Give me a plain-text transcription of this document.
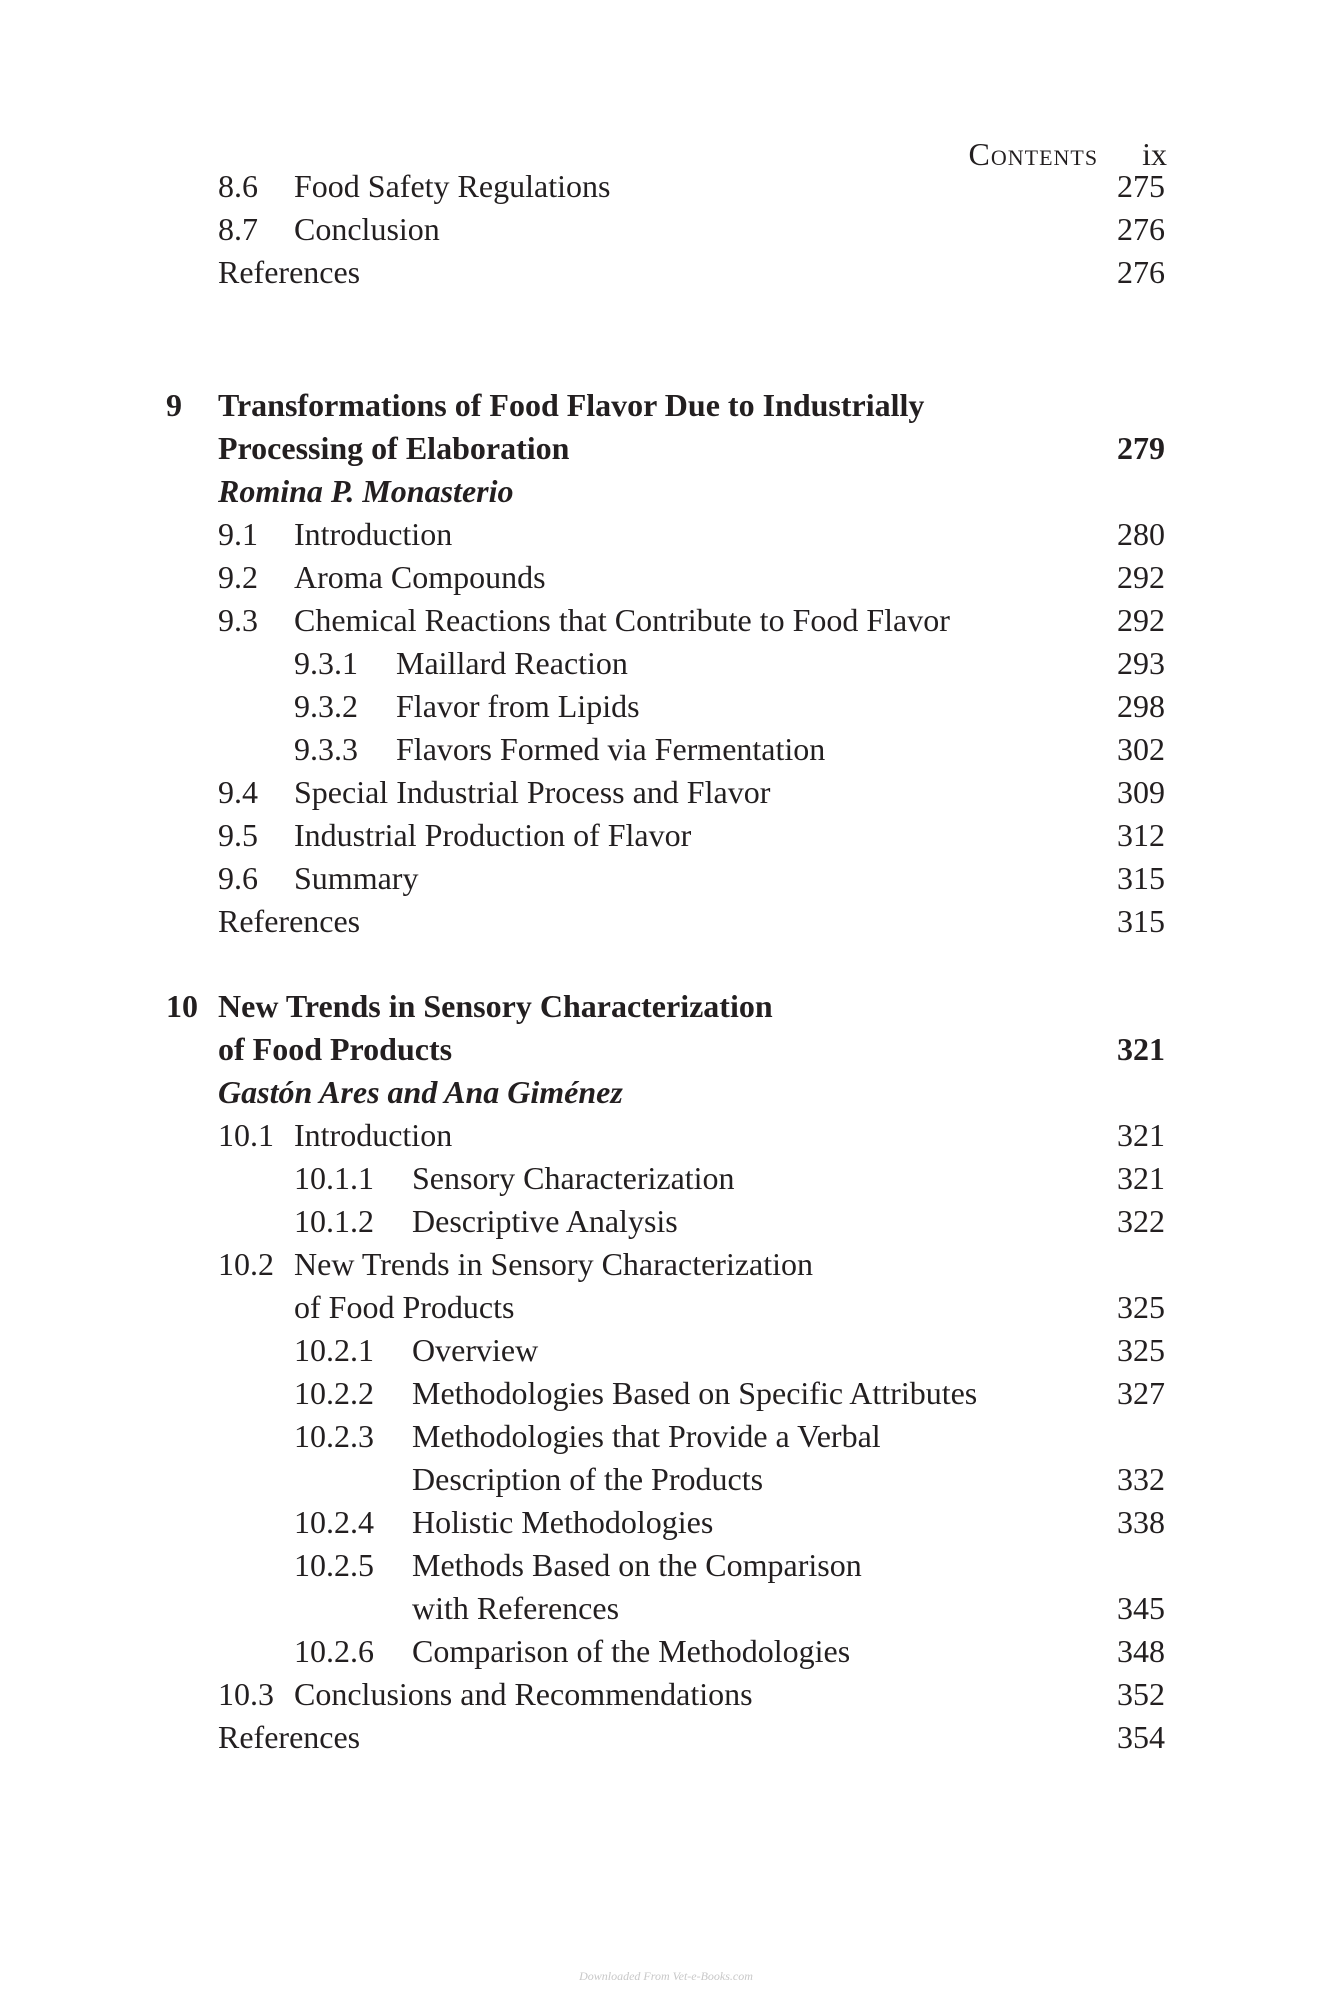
Contents ix
8.6 Food Safety Regulations	275
8.7 Conclusion	276
References	276
9 Transformations of Food Flavor Due to Industrially
Processing of Elaboration	279
Romina P. Monasterio
9.1 Introduction	280
9.2 Aroma Compounds	292
9.3 Chemical Reactions that Contribute to Food Flavor	292
9.3.1 Maillard Reaction	293
9.3.2 Flavor from Lipids	298
9.3.3 Flavors Formed via Fermentation	302
9.4 Special Industrial Process and Flavor	309
9.5 Industrial Production of Flavor	312
9.6 Summary	315
References	315
10 New Trends in Sensory Characterization
of Food Products	321
Gastón Ares and Ana Giménez
10.1 Introduction	321
10.1.1 Sensory Characterization	321
10.1.2 Descriptive Analysis	322
10.2 New Trends in Sensory Characterization
of Food Products	325
10.2.1 Overview	325
10.2.2 Methodologies Based on Specific Attributes	327
10.2.3 Methodologies that Provide a Verbal
Description of the Products	332
10.2.4 Holistic Methodologies	338
10.2.5 Methods Based on the Comparison
with References	345
10.2.6 Comparison of the Methodologies	348
10.3 Conclusions and Recommendations	352
References	354
Downloaded From Vet-e-Books.com
